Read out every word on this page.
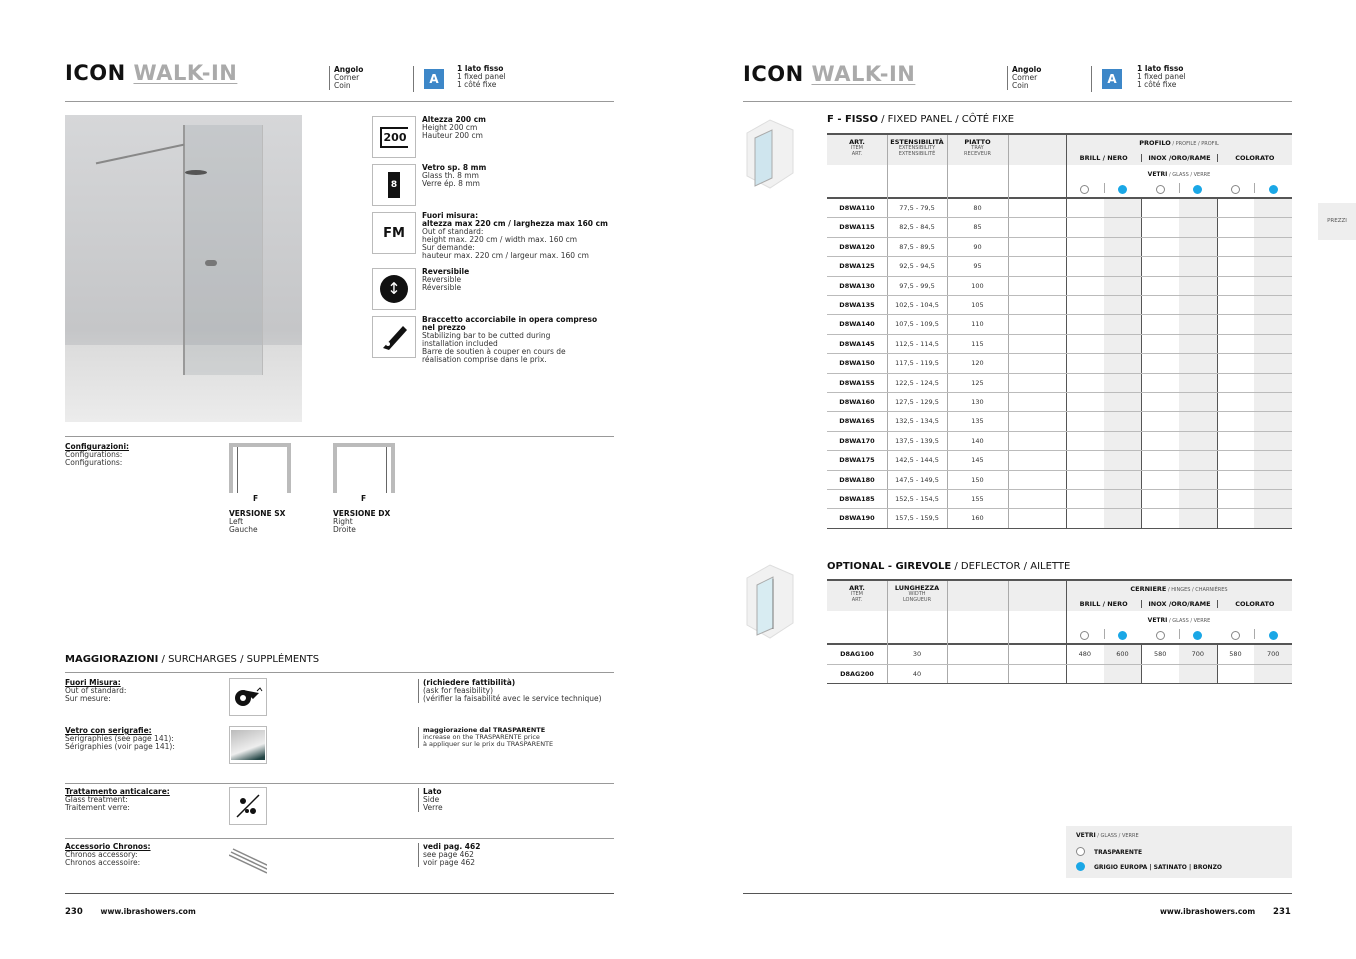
ICON WALK-IN	Angolo
Corner
Coin	A
1 lato fisso
1 fixed panel
1 côté fixe
Configurazioni:
Configurations:
Configurations:
F	F
VERSIONE SX
Left
Gauche
VERSIONE DX
Right
Droite
MAGGIORAZIONI / SURCHARGES / SUPPLÉMENTS
230 www.ibrashowers.com
ICON WALK-IN	Angolo
Corner
Coin	A
1 lato fisso
1 fixed panel
1 côté fixe
PREZZI
F - FISSO / FIXED PANEL / CÔTÉ FIXE
ART.
ITEM
ART.
ESTENSIBILITÀ
EXTENSIBILITY
EXTENSIBILITÉ
PIATTO
TRAY
RECEVEUR
PROFILO / PROFILE / PROFIL
BRILL / NERO	INOX /ORO/RAME	COLORATO
VETRI / GLASS / VERRE
D8WA110	77,5 - 79,5	80
D8WA115	82,5 - 84,5	85
D8WA120	87,5 - 89,5	90
D8WA125	92,5 - 94,5	95
D8WA130	97,5 - 99,5	100
D8WA135	102,5 - 104,5	105
D8WA140	107,5 - 109,5	110
D8WA145	112,5 - 114,5	115
D8WA150	117,5 - 119,5	120
D8WA155	122,5 - 124,5	125
D8WA160	127,5 - 129,5	130
D8WA165	132,5 - 134,5	135
D8WA170	137,5 - 139,5	140
D8WA175	142,5 - 144,5	145
D8WA180	147,5 - 149,5	150
D8WA185	152,5 - 154,5	155
D8WA190	157,5 - 159,5	160
OPTIONAL - GIREVOLE / DEFLECTOR / AILETTE
ART.
ITEM
ART.
LUNGHEZZA
WIDTH
LONGUEUR
CERNIERE / HINGES / CHARNIÈRES
BRILL / NERO	INOX /ORO/RAME	COLORATO
VETRI / GLASS / VERRE
D8AG100	30	480	600	580	700	580	700
D8AG200	40
VETRI / GLASS / VERRE
TRASPARENTE
GRIGIO EUROPA | SATINATO | BRONZO
www.ibrashowers.com 231
200
Altezza 200 cm
Height 200 cm
Hauteur 200 cm
8
Vetro sp. 8 mm
Glass th. 8 mm
Verre ép. 8 mm
FM
Fuori misura:
altezza max 220 cm / larghezza max 160 cm
Out of standard:
height max. 220 cm / width max. 160 cm
Sur demande:
hauteur max. 220 cm / largeur max. 160 cm
↕
Reversibile
Reversible
Réversible
Braccetto accorciabile in opera compreso
nel prezzo
Stabilizing bar to be cutted during
installation included
Barre de soutien à couper en cours de
réalisation comprise dans le prix.
Fuori Misura:
Out of standard:
Sur mesure:
(richiedere fattibilità)
(ask for feasibility)
(vérifier la faisabilité avec le service technique)
Vetro con serigrafie:
Serigraphies (see page 141):
Sérigraphies (voir page 141):
maggiorazione dal TRASPARENTE
increase on the TRASPARENTE price
à appliquer sur le prix du TRASPARENTE
Trattamento anticalcare:
Glass treatment:
Traitement verre:
Lato
Side
Verre
Accessorio Chronos:
Chronos accessory:
Chronos accessoire:
vedi pag. 462
see page 462
voir page 462
